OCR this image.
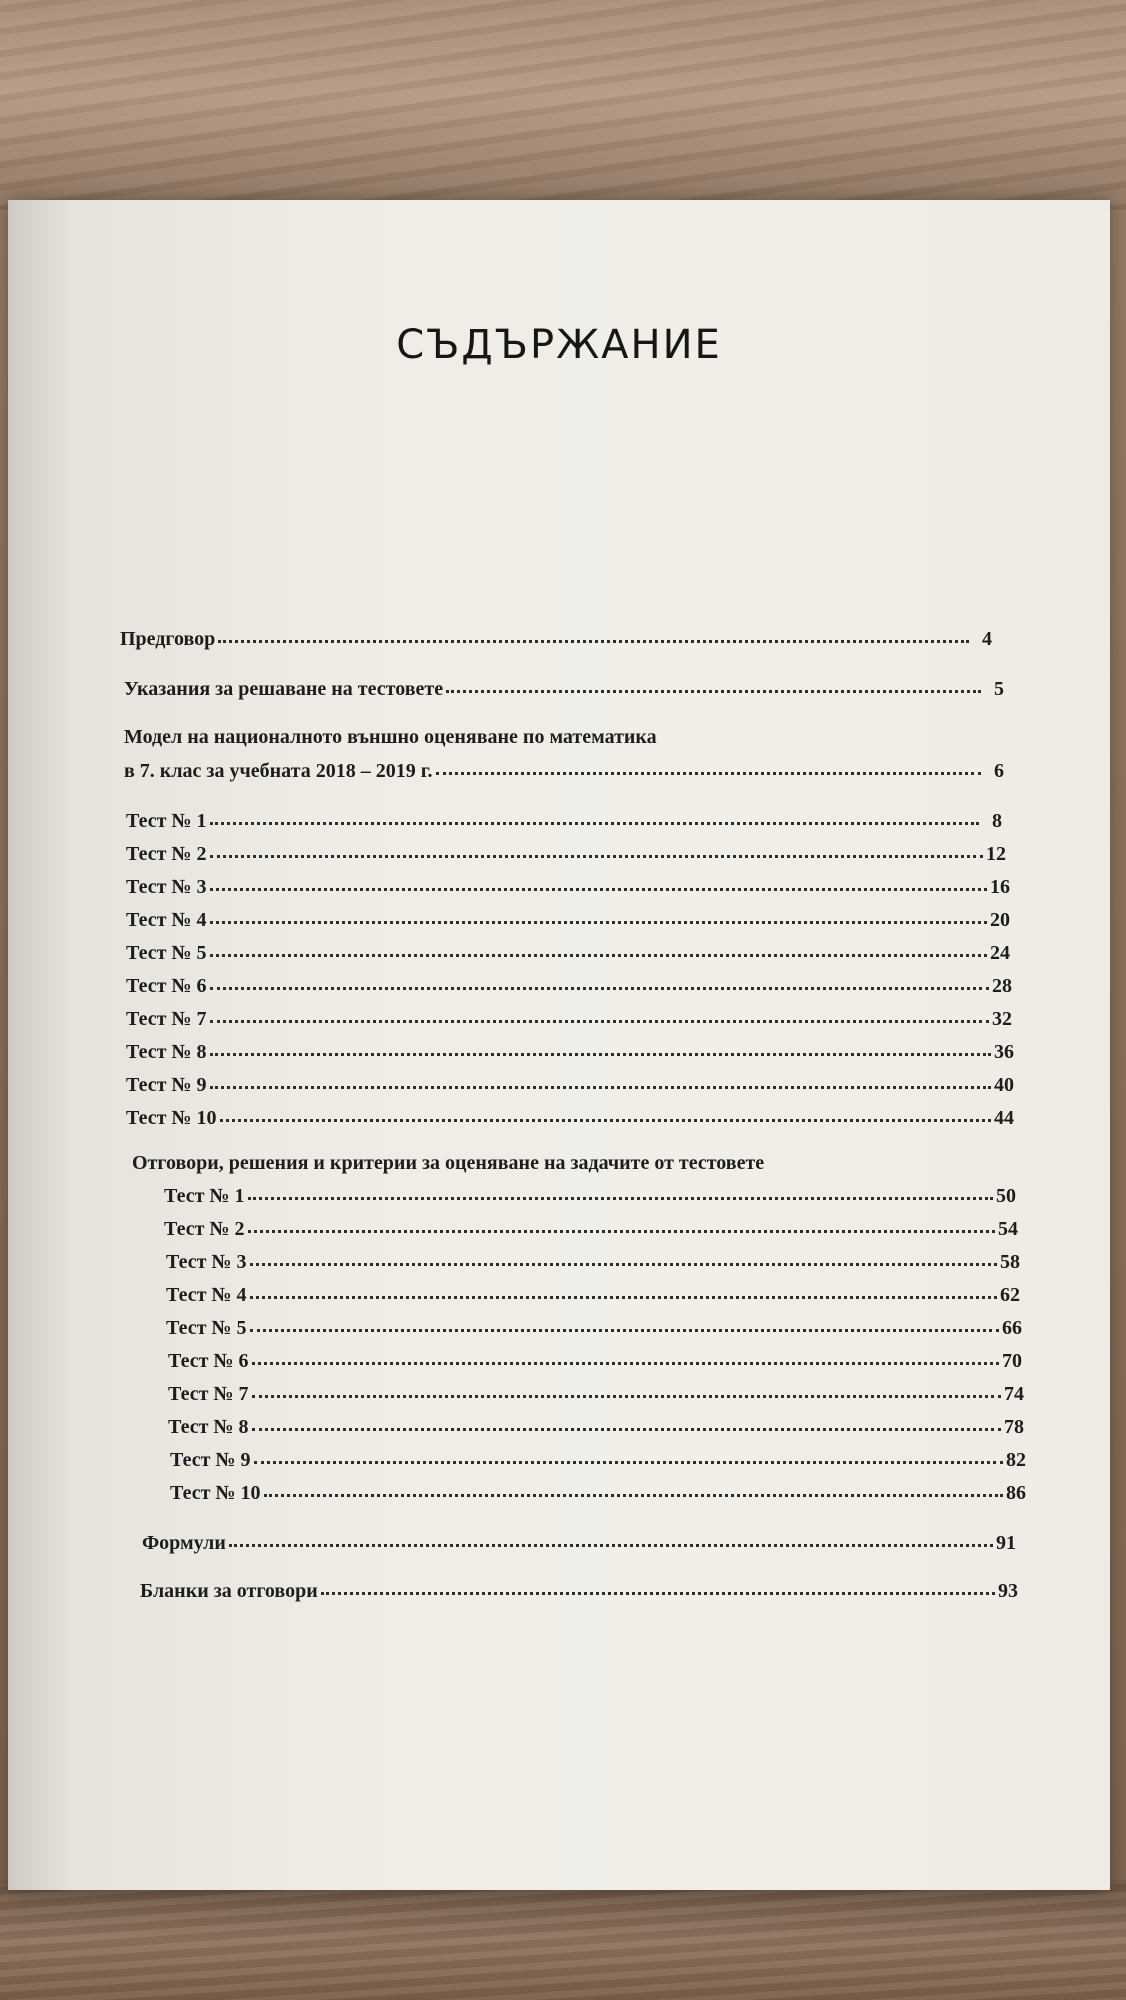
СЪДЪРЖАНИЕ
Предговор	4
Указания за решаване на тестовете	5
Модел на националното външно оценяване по математика
в 7. клас за учебната 2018 – 2019 г.	6
Тест № 1	8
Тест № 2	12
Тест № 3	16
Тест № 4	20
Тест № 5	24
Тест № 6	28
Тест № 7	32
Тест № 8	36
Тест № 9	40
Тест № 10	44
Отговори, решения и критерии за оценяване на задачите от тестовете
Тест № 1	50
Тест № 2	54
Тест № 3	58
Тест № 4	62
Тест № 5	66
Тест № 6	70
Тест № 7	74
Тест № 8	78
Тест № 9	82
Тест № 10	86
Формули	91
Бланки за отговори	93
